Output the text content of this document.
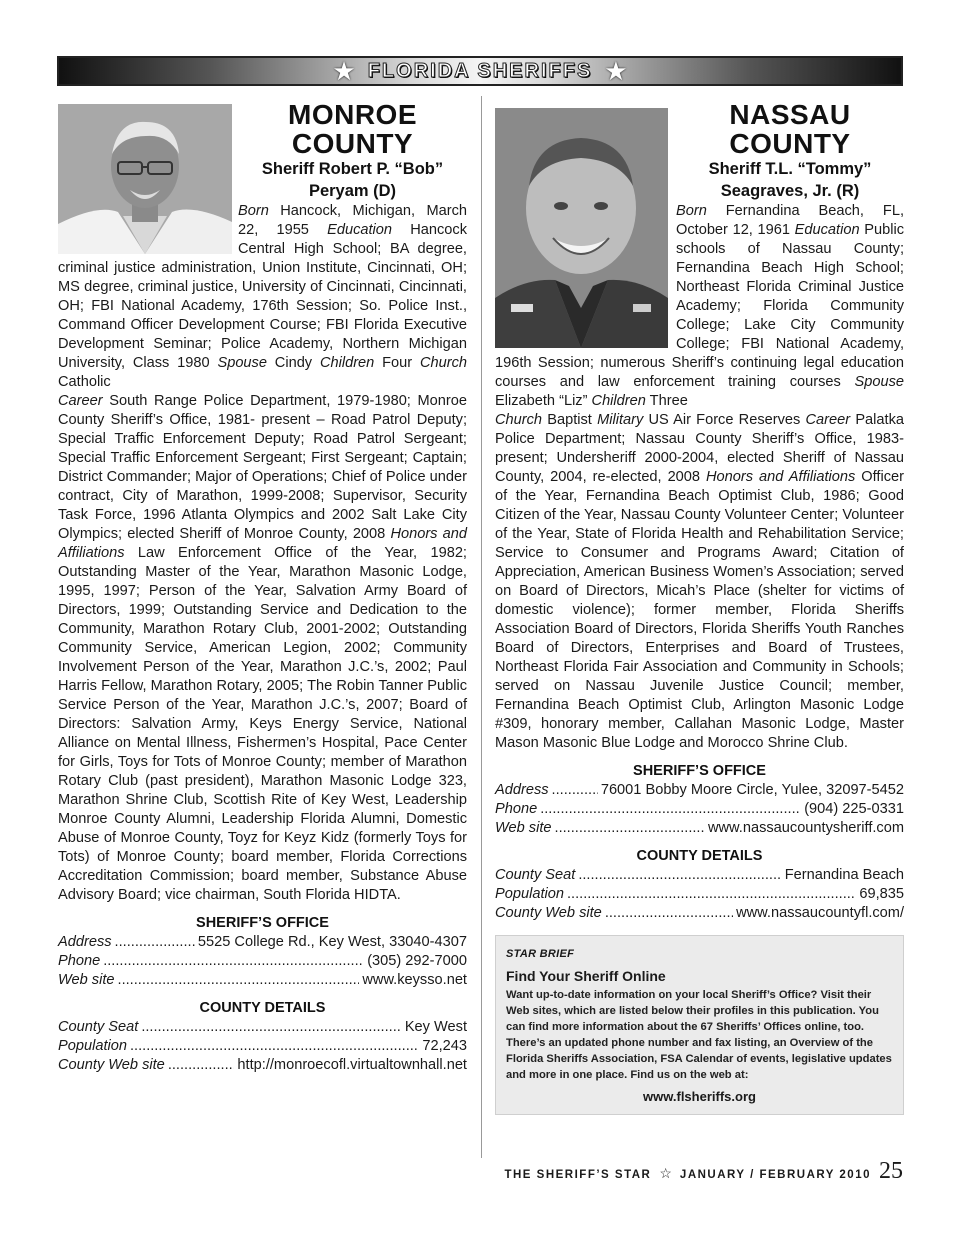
★ FLORIDA SHERIFFS ★
MONROE COUNTY
Sheriff Robert P. “Bob” Peryam (D)
Born Hancock, Michigan, March 22, 1955 Education Hancock Central High School; BA degree, criminal justice administration, Union Institute, Cincinnati, OH; MS degree, criminal justice, University of Cincinnati, Cincinnati, OH; FBI National Academy, 176th Session; So. Police Inst., Command Officer Development Course; FBI Florida Executive Development Seminar; Police Academy, Northern Michigan University, Class 1980 Spouse Cindy Children Four Church Catholic
Career South Range Police Department, 1979-1980; Monroe County Sheriff’s Office, 1981- present – Road Patrol Deputy; Special Traffic Enforcement Deputy; Road Patrol Sergeant; Special Traffic Enforcement Sergeant; First Sergeant; Captain; District Commander; Major of Operations; Chief of Police under contract, City of Marathon, 1999-2008; Supervisor, Security Task Force, 1996 Atlanta Olympics and 2002 Salt Lake City Olympics; elected Sheriff of Monroe County, 2008 Honors and Affiliations Law Enforcement Office of the Year, 1982; Outstanding Master of the Year, Marathon Masonic Lodge, 1995, 1997; Person of the Year, Salvation Army Board of Directors, 1999; Outstanding Service and Dedication to the Community, Marathon Rotary Club, 2001-2002; Outstanding Community Service, American Legion, 2002; Community Involvement Person of the Year, Marathon J.C.’s, 2002; Paul Harris Fellow, Marathon Rotary, 2005; The Robin Tanner Public Service Person of the Year, Marathon J.C.’s, 2007; Board of Directors: Salvation Army, Keys Energy Service, National Alliance on Mental Illness, Fishermen’s Hospital, Pace Center for Girls, Toys for Tots of Monroe County; member of Marathon Rotary Club (past president), Marathon Masonic Lodge 323, Marathon Shrine Club, Scottish Rite of Key West, Leadership Monroe County Alumni, Leadership Florida Alumni, Domestic Abuse of Monroe County, Toyz for Keyz Kidz (formerly Toys for Tots) of Monroe County; board member, Florida Corrections Accreditation Commission; board member, Substance Abuse Advisory Board; vice chairman, South Florida HIDTA.
SHERIFF’S OFFICE
Address .....	5525 College Rd., Key West, 33040-4307
Phone .....	(305) 292-7000
Web site .....	www.keysso.net
COUNTY DETAILS
County Seat .....	Key West
Population .....	72,243
County Web site .....	http://monroecofl.virtualtownhall.net
NASSAU COUNTY
Sheriff T.L. “Tommy” Seagraves, Jr. (R)
Born Fernandina Beach, FL, October 12, 1961 Education Public schools of Nassau County; Fernandina Beach High School; Northeast Florida Criminal Justice Academy; Florida Community College; Lake City Community College; FBI National Academy, 196th Session; numerous Sheriff’s continuing legal education courses and law enforcement training courses Spouse Elizabeth “Liz” Children Three
Church Baptist Military US Air Force Reserves Career Palatka Police Department; Nassau County Sheriff’s Office, 1983-present; Undersheriff 2000-2004, elected Sheriff of Nassau County, 2004, re-elected, 2008 Honors and Affiliations Officer of the Year, Fernandina Beach Optimist Club, 1986; Good Citizen of the Year, Nassau County Volunteer Center; Volunteer of the Year, State of Florida Health and Rehabilitation Service; Service to Consumer and Programs Award; Citation of Appreciation, American Business Women’s Association; served on Board of Directors, Micah’s Place (shelter for victims of domestic violence); former member, Florida Sheriffs Association Board of Directors, Florida Sheriffs Youth Ranches Board of Directors, Enterprises and Board of Trustees, Northeast Florida Fair Association and Community in Schools; served on Nassau Juvenile Justice Council; member, Fernandina Beach Optimist Club, Arlington Masonic Lodge #309, honorary member, Callahan Masonic Lodge, Master Mason Masonic Blue Lodge and Morocco Shrine Club.
SHERIFF’S OFFICE
Address .....	76001 Bobby Moore Circle, Yulee, 32097-5452
Phone .....	(904) 225-0331
Web site .....	www.nassaucountysheriff.com
COUNTY DETAILS
County Seat .....	Fernandina Beach
Population .....	69,835
County Web site .....	www.nassaucountyfl.com/
STAR BRIEF
Find Your Sheriff Online
Want up-to-date information on your local Sheriff’s Office? Visit their Web sites, which are listed below their profiles in this publication. You can find more information about the 67 Sheriffs’ Offices online, too. There’s an updated phone number and fax listing, an Overview of the Florida Sheriffs Association, FSA Calendar of events, legislative updates and more in one place. Find us on the web at:
www.flsheriffs.org
THE SHERIFF’S STAR ☆ JANUARY / FEBRUARY 2010 25
